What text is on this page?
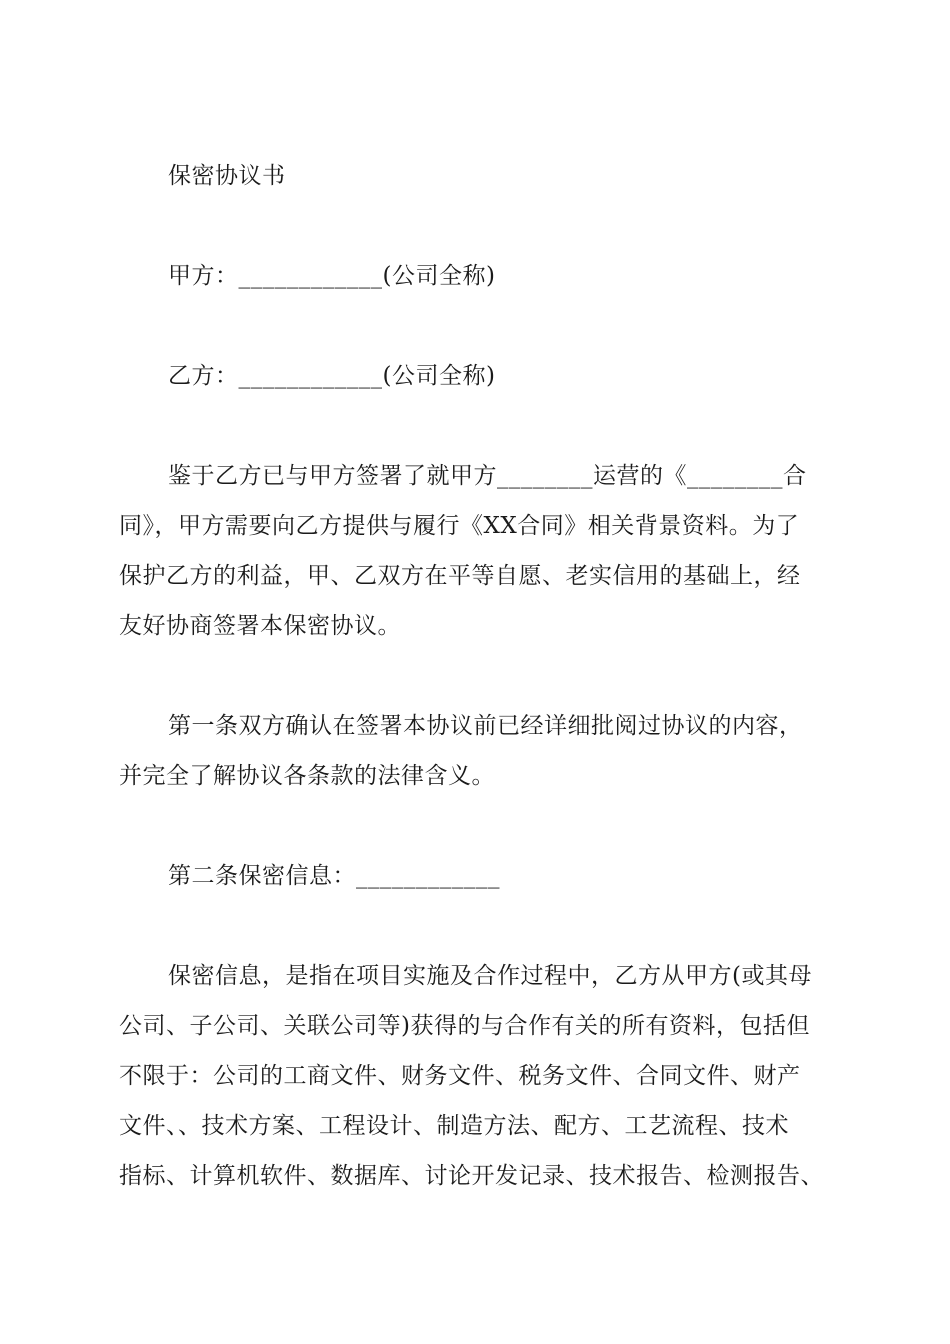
保密协议书

甲方：____________(公司全称)

乙方：____________(公司全称)

鉴于乙方已与甲方签署了就甲方________运营的《________合

同》，甲方需要向乙方提供与履行《XX合同》相关背景资料。为了

保护乙方的利益，甲、乙双方在平等自愿、老实信用的基础上，经

友好协商签署本保密协议。

第一条双方确认在签署本协议前已经详细批阅过协议的内容，

并完全了解协议各条款的法律含义。

第二条保密信息：____________

保密信息，是指在项目实施及合作过程中，乙方从甲方(或其母

公司、子公司、关联公司等)获得的与合作有关的所有资料，包括但

不限于：公司的工商文件、财务文件、税务文件、合同文件、财产

文件、、技术方案、工程设计、制造方法、配方、工艺流程、技术

指标、计算机软件、数据库、讨论开发记录、技术报告、检测报告、
